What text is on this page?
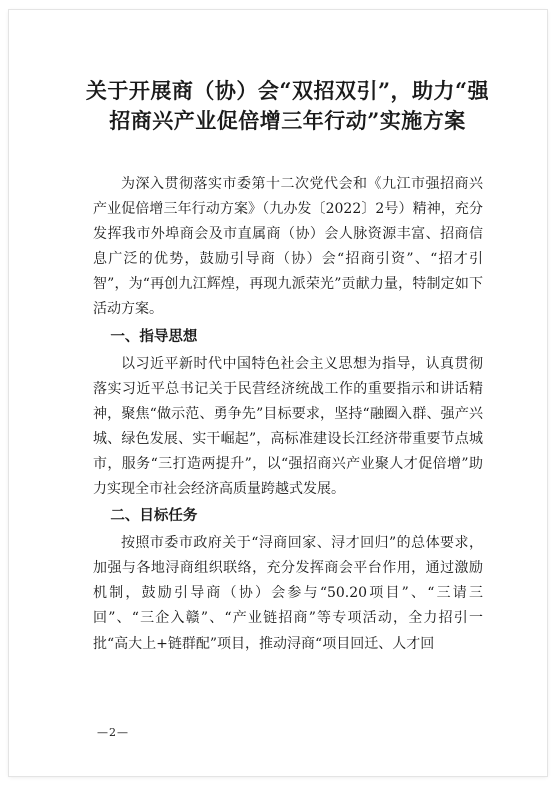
关于开展商（协）会“双招双引”，助力“强
招商兴产业促倍增三年行动”实施方案

为深入贯彻落实市委第十二次党代会和《九江市强招商兴产业促倍增三年行动方案》（九办发〔2022〕2号）精神，充分发挥我市外埠商会及市直属商（协）会人脉资源丰富、招商信息广泛的优势，鼓励引导商（协）会“招商引资”、“招才引智”，为“再创九江辉煌，再现九派荣光”贡献力量，特制定如下活动方案。

一、指导思想

以习近平新时代中国特色社会主义思想为指导，认真贯彻落实习近平总书记关于民营经济统战工作的重要指示和讲话精神，聚焦“做示范、勇争先”目标要求，坚持“融圈入群、强产兴城、绿色发展、实干崛起”，高标准建设长江经济带重要节点城市，服务“三打造两提升”，以“强招商兴产业聚人才促倍增”助力实现全市社会经济高质量跨越式发展。

二、目标任务

按照市委市政府关于“浔商回家、浔才回归”的总体要求，加强与各地浔商组织联络，充分发挥商会平台作用，通过激励机制，鼓励引导商（协）会参与“50.20项目”、“三请三回”、“三企入赣”、“产业链招商”等专项活动，全力招引一批“高大上+链群配”项目，推动浔商“项目回迁、人才回

—2—
